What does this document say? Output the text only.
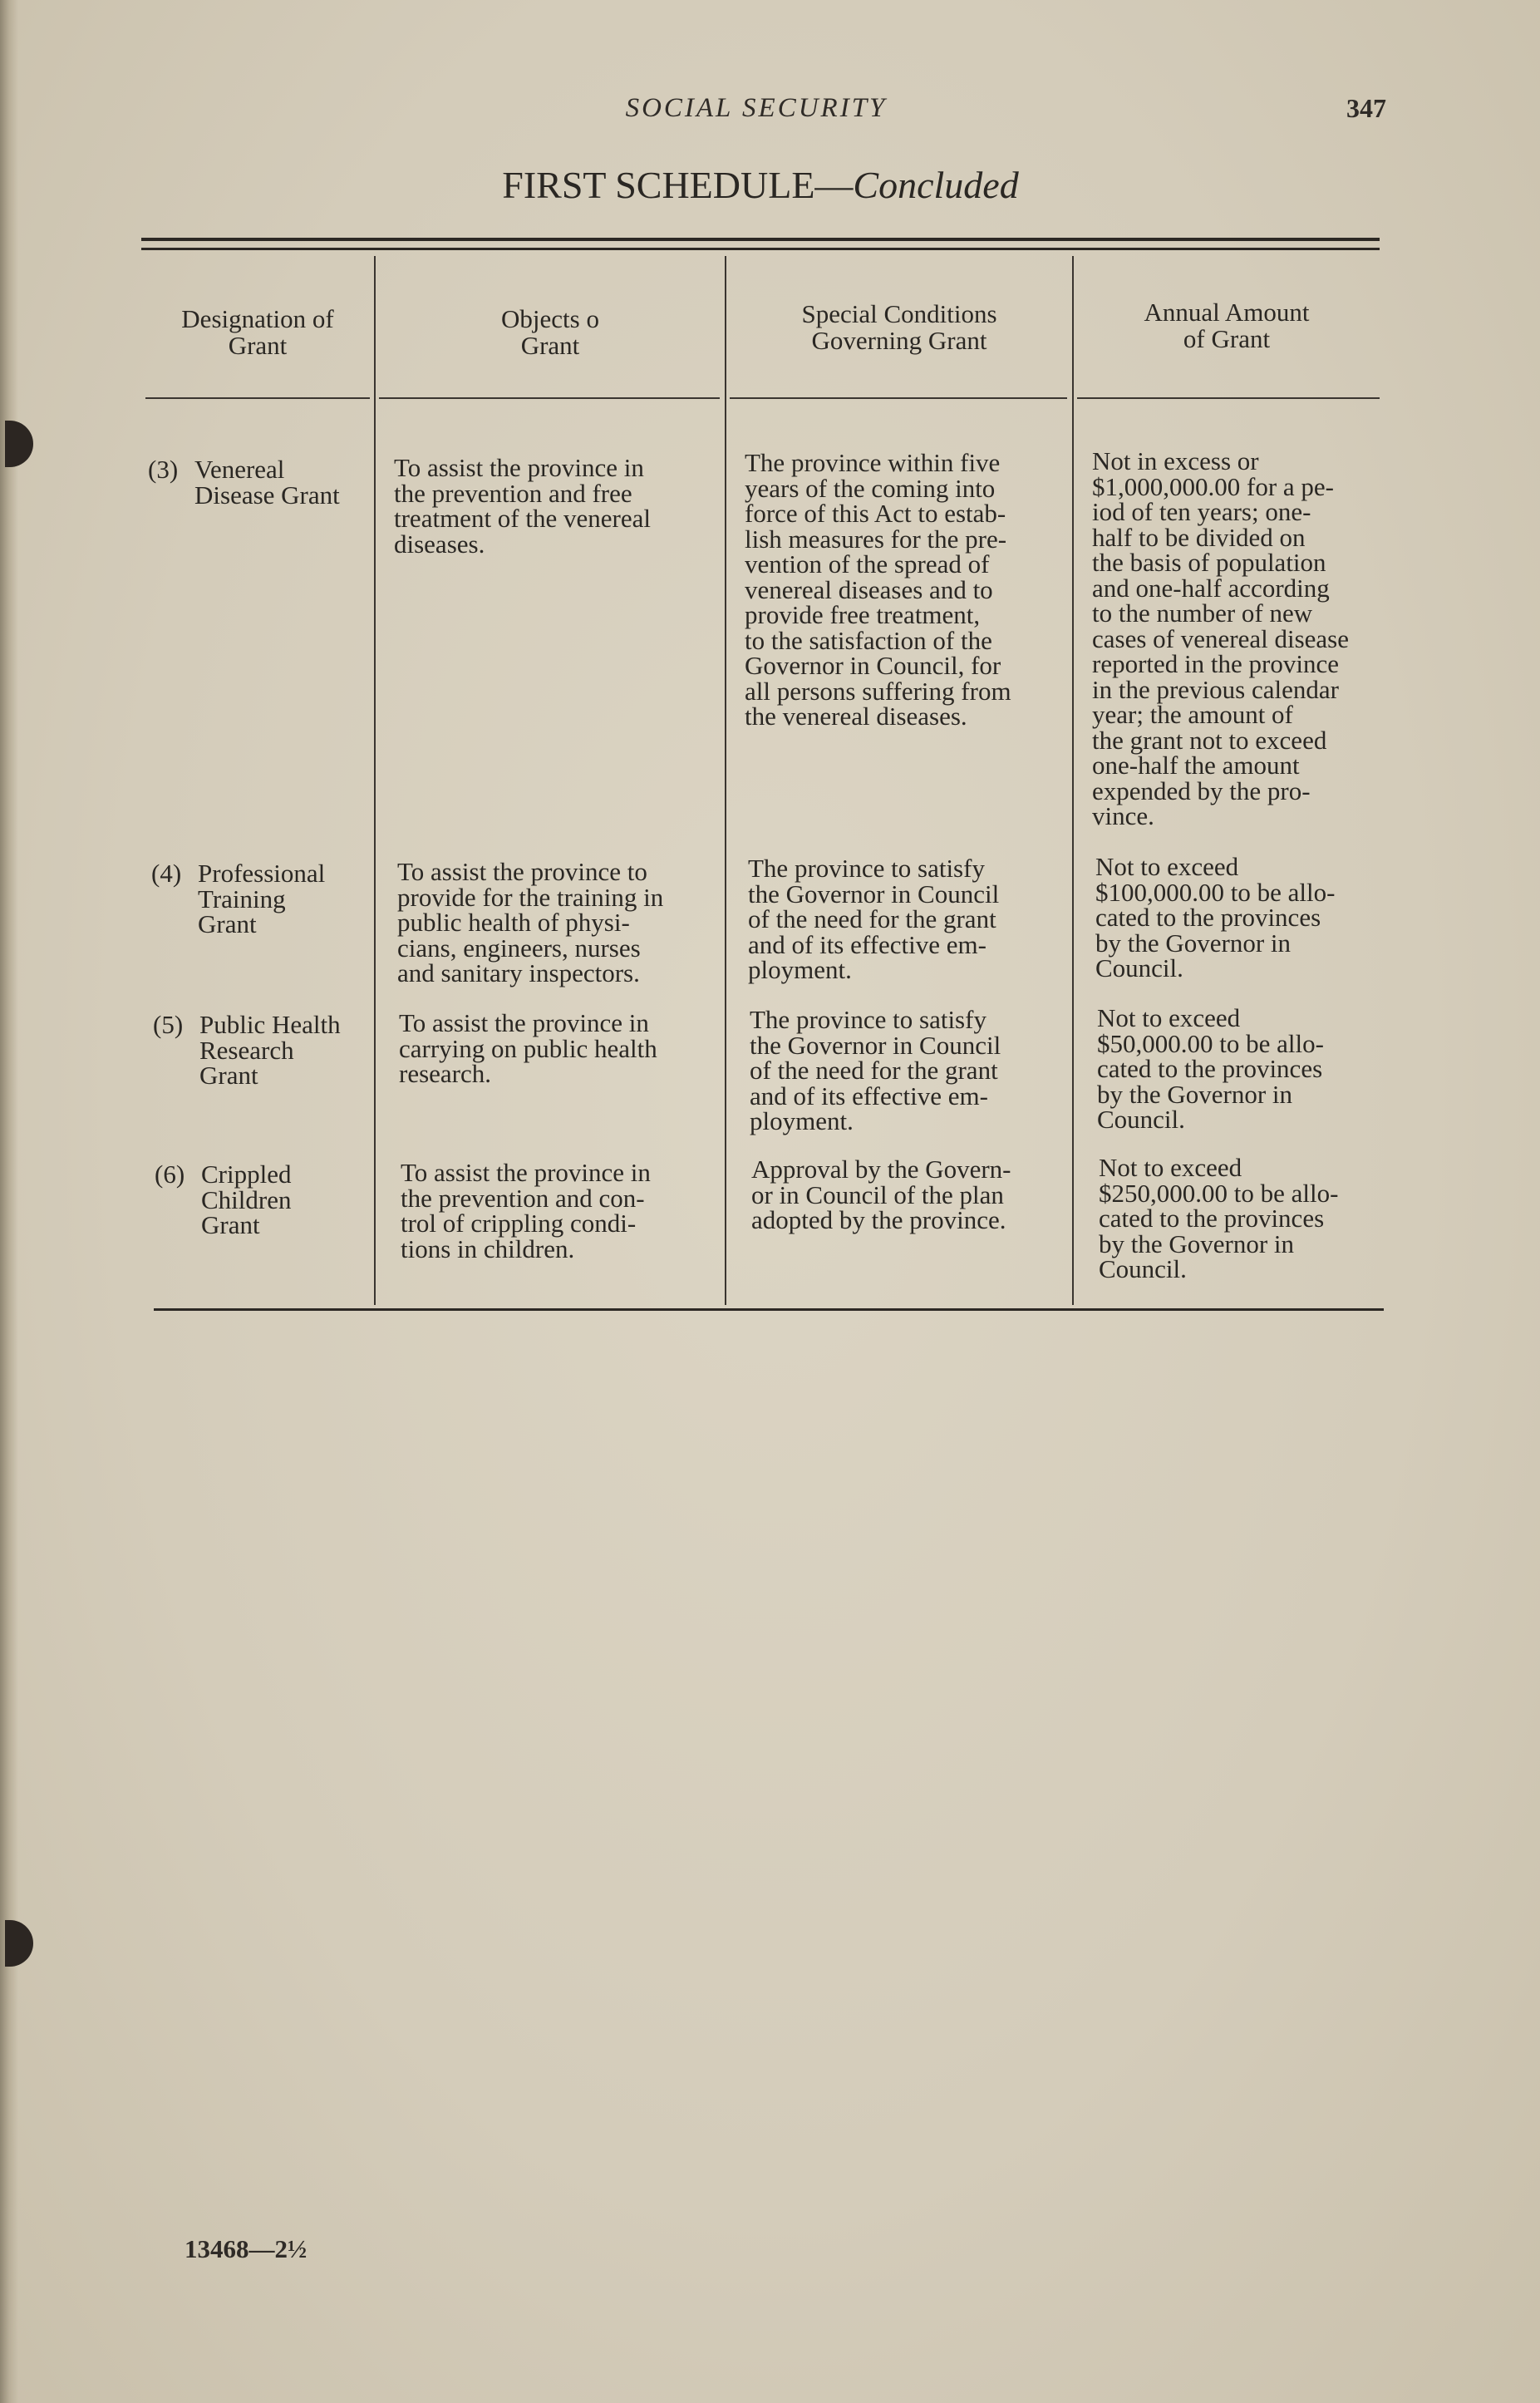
SOCIAL SECURITY	347
FIRST SCHEDULE—Concluded
Designation of
Grant
Objects o
Grant
Special Conditions
Governing Grant
Annual Amount
of Grant
(3) Venereal
Disease Grant
To assist the province in
the prevention and free
treatment of the venereal
diseases.
The province within five
years of the coming into
force of this Act to estab-
lish measures for the pre-
vention of the spread of
venereal diseases and to
provide free treatment,
to the satisfaction of the
Governor in Council, for
all persons suffering from
the venereal diseases.
Not in excess or
$1,000,000.00 for a pe-
iod of ten years; one-
half to be divided on
the basis of population
and one-half according
to the number of new
cases of venereal disease
reported in the province
in the previous calendar
year; the amount of
the grant not to exceed
one-half the amount
expended by the pro-
vince.
(4) Professional
Training
Grant
To assist the province to
provide for the training in
public health of physi-
cians, engineers, nurses
and sanitary inspectors.
The province to satisfy
the Governor in Council
of the need for the grant
and of its effective em-
ployment.
Not to exceed
$100,000.00 to be allo-
cated to the provinces
by the Governor in
Council.
(5) Public Health
Research
Grant
To assist the province in
carrying on public health
research.
The province to satisfy
the Governor in Council
of the need for the grant
and of its effective em-
ployment.
Not to exceed
$50,000.00 to be allo-
cated to the provinces
by the Governor in
Council.
(6) Crippled
Children
Grant
To assist the province in
the prevention and con-
trol of crippling condi-
tions in children.
Approval by the Govern-
or in Council of the plan
adopted by the province.
Not to exceed
$250,000.00 to be allo-
cated to the provinces
by the Governor in
Council.
13468—2½
